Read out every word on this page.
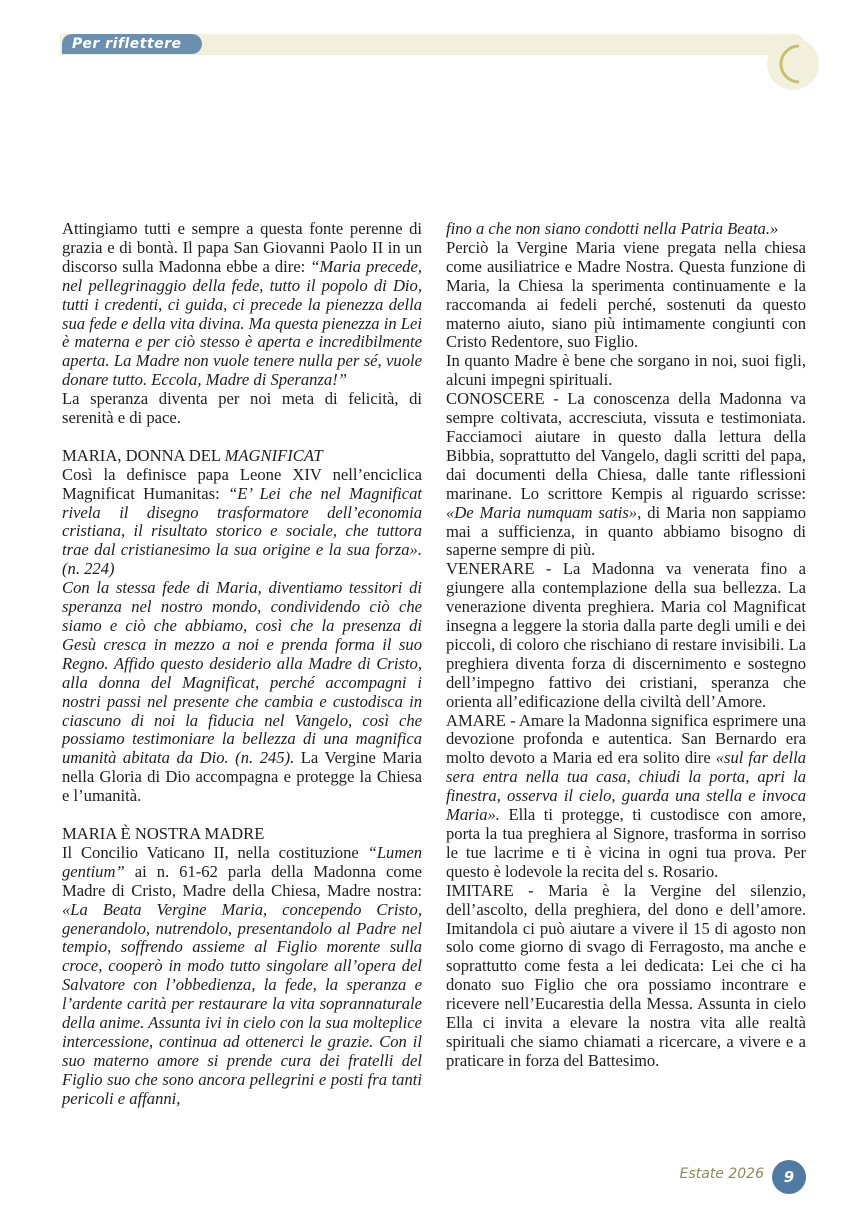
Per riflettere

Attingiamo tutti e sempre a questa fonte perenne di grazia e di bontà. Il papa San Giovanni Paolo II in un discorso sulla Madonna ebbe a dire: “Maria precede, nel pellegrinaggio della fede, tutto il popolo di Dio, tutti i credenti, ci guida, ci precede la pienezza della sua fede e della vita divina. Ma questa pienezza in Lei è materna e per ciò stesso è aperta e incredibilmente aperta. La Madre non vuole tenere nulla per sé, vuole donare tutto. Eccola, Madre di Speranza!”

La speranza diventa per noi meta di felicità, di serenità e di pace.

MARIA, DONNA DEL MAGNIFICAT

Così la definisce papa Leone XIV nell’enciclica Magnificat Humanitas: “E’ Lei che nel Magnificat rivela il disegno trasformatore dell’economia cristiana, il risultato storico e sociale, che tuttora trae dal cristianesimo la sua origine e la sua forza». (n. 224)

Con la stessa fede di Maria, diventiamo tessitori di speranza nel nostro mondo, condividendo ciò che siamo e ciò che abbiamo, così che la presenza di Gesù cresca in mezzo a noi e prenda forma il suo Regno. Affido questo desiderio alla Madre di Cristo, alla donna del Magnificat, perché accompagni i nostri passi nel presente che cambia e custodisca in ciascuno di noi la fiducia nel Vangelo, così che possiamo testimoniare la bellezza di una magnifica umanità abitata da Dio. (n. 245). La Vergine Maria nella Gloria di Dio accompagna e protegge la Chiesa e l’umanità.

MARIA È NOSTRA MADRE

Il Concilio Vaticano II, nella costituzione “Lumen gentium” ai n. 61-62 parla della Madonna come Madre di Cristo, Madre della Chiesa, Madre nostra: «La Beata Vergine Maria, concependo Cristo, generandolo, nutrendolo, presentandolo al Padre nel tempio, soffrendo assieme al Figlio morente sulla croce, cooperò in modo tutto singolare all’opera del Salvatore con l’obbedienza, la fede, la speranza e l’ardente carità per restaurare la vita soprannaturale della anime. Assunta ivi in cielo con la sua molteplice intercessione, continua ad ottenerci le grazie. Con il suo materno amore si prende cura dei fratelli del Figlio suo che sono ancora pellegrini e posti fra tanti pericoli e affanni,

fino a che non siano condotti nella Patria Beata.»

Perciò la Vergine Maria viene pregata nella chiesa come ausiliatrice e Madre Nostra. Questa funzione di Maria, la Chiesa la sperimenta continuamente e la raccomanda ai fedeli perché, sostenuti da questo materno aiuto, siano più intimamente congiunti con Cristo Redentore, suo Figlio.

In quanto Madre è bene che sorgano in noi, suoi figli, alcuni impegni spirituali.

CONOSCERE - La conoscenza della Madonna va sempre coltivata, accresciuta, vissuta e testimoniata. Facciamoci aiutare in questo dalla lettura della Bibbia, soprattutto del Vangelo, dagli scritti del papa, dai documenti della Chiesa, dalle tante riflessioni marinane. Lo scrittore Kempis al riguardo scrisse: «De Maria numquam satis», di Maria non sappiamo mai a sufficienza, in quanto abbiamo bisogno di saperne sempre di più.

VENERARE - La Madonna va venerata fino a giungere alla contemplazione della sua bellezza. La venerazione diventa preghiera. Maria col Magnificat insegna a leggere la storia dalla parte degli umili e dei piccoli, di coloro che rischiano di restare invisibili. La preghiera diventa forza di discernimento e sostegno dell’impegno fattivo dei cristiani, speranza che orienta all’edificazione della civiltà dell’Amore.

AMARE - Amare la Madonna significa esprimere una devozione profonda e autentica. San Bernardo era molto devoto a Maria ed era solito dire «sul far della sera entra nella tua casa, chiudi la porta, apri la finestra, osserva il cielo, guarda una stella e invoca Maria». Ella ti protegge, ti custodisce con amore, porta la tua preghiera al Signore, trasforma in sorriso le tue lacrime e ti è vicina in ogni tua prova. Per questo è lodevole la recita del s. Rosario.

IMITARE - Maria è la Vergine del silenzio, dell’ascolto, della preghiera, del dono e dell’amore. Imitandola ci può aiutare a vivere il 15 di agosto non solo come giorno di svago di Ferragosto, ma anche e soprattutto come festa a lei dedicata: Lei che ci ha donato suo Figlio che ora possiamo incontrare e ricevere nell’Eucarestia della Messa. Assunta in cielo Ella ci invita a elevare la nostra vita alle realtà spirituali che siamo chiamati a ricercare, a vivere e a praticare in forza del Battesimo.

Estate 2026	9
